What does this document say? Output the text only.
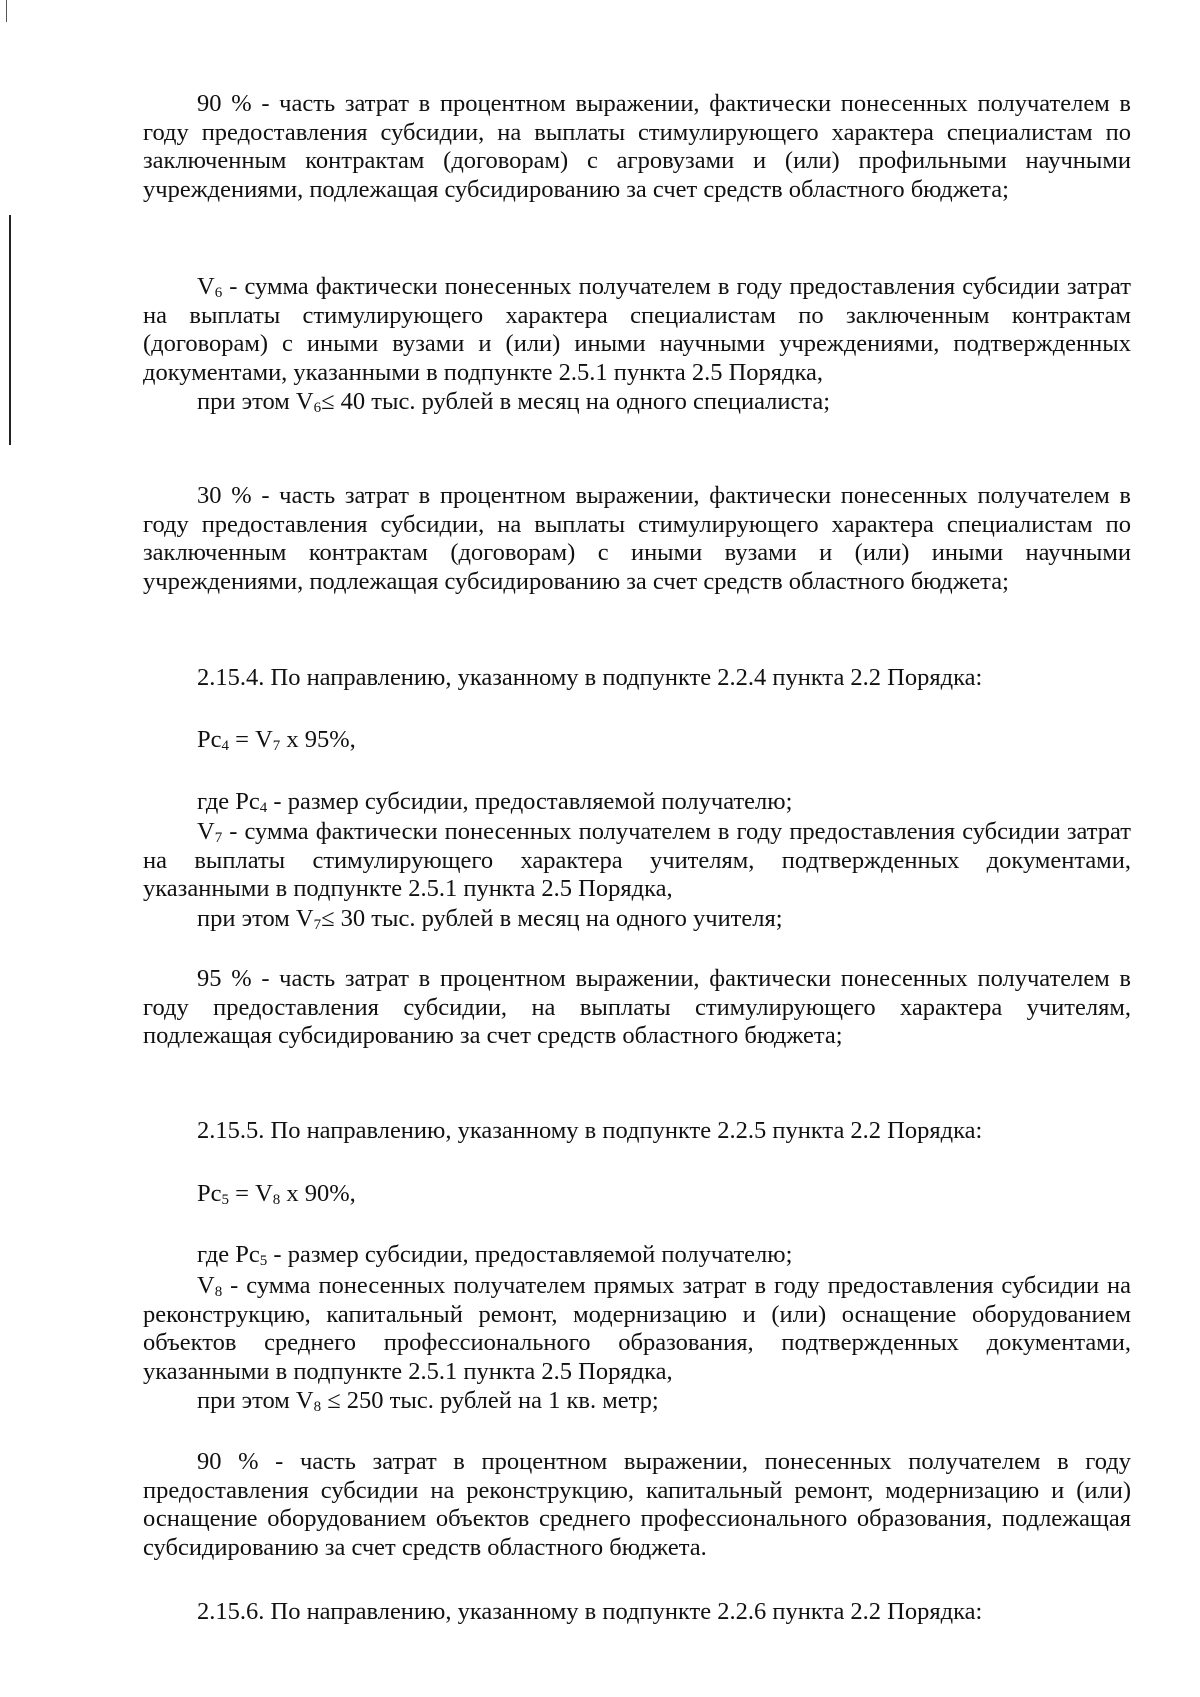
90 % - часть затрат в процентном выражении, фактически понесенных получателем в году предоставления субсидии, на выплаты стимулирующего характера специалистам по заключенным контрактам (договорам) с агровузами и (или) профильными научными учреждениями, подлежащая субсидированию за счет средств областного бюджета;

$V_6$ - сумма фактически понесенных получателем в году предоставления субсидии затрат на выплаты стимулирующего характера специалистам по заключенным контрактам (договорам) с иными вузами и (или) иными научными учреждениями, подтвержденных документами, указанными в подпункте 2.5.1 пункта 2.5 Порядка,

при этом $V_6\le 40$ тыс. рублей в месяц на одного специалиста;

30 % - часть затрат в процентном выражении, фактически понесенных получателем в году предоставления субсидии, на выплаты стимулирующего характера специалистам по заключенным контрактам (договорам) с иными вузами и (или) иными научными учреждениями, подлежащая субсидированию за счет средств областного бюджета;

2.15.4. По направлению, указанному в подпункте 2.2.4 пункта 2.2 Порядка:

$Рс_4 = V_7$ x 95%,

где $Рс_4$ - размер субсидии, предоставляемой получателю;

$V_7$ - сумма фактически понесенных получателем в году предоставления субсидии затрат на выплаты стимулирующего характера учителям, подтвержденных документами, указанными в подпункте 2.5.1 пункта 2.5 Порядка,

при этом $V_7\le 30$ тыс. рублей в месяц на одного учителя;

95 % - часть затрат в процентном выражении, фактически понесенных получателем в году предоставления субсидии, на выплаты стимулирующего характера учителям, подлежащая субсидированию за счет средств областного бюджета;

2.15.5. По направлению, указанному в подпункте 2.2.5 пункта 2.2 Порядка:

$Рс_5 = V_8$ x 90%,

где $Рс_5$ - размер субсидии, предоставляемой получателю;

$V_8$ - сумма понесенных получателем прямых затрат в году предоставления субсидии на реконструкцию, капитальный ремонт, модернизацию и (или) оснащение оборудованием объектов среднего профессионального образования, подтвержденных документами, указанными в подпункте 2.5.1 пункта 2.5 Порядка,

при этом $V_8 \le 250$ тыс. рублей на 1 кв. метр;

90 % - часть затрат в процентном выражении, понесенных получателем в году предоставления субсидии на реконструкцию, капитальный ремонт, модернизацию и (или) оснащение оборудованием объектов среднего профессионального образования, подлежащая субсидированию за счет средств областного бюджета.

2.15.6. По направлению, указанному в подпункте 2.2.6 пункта 2.2 Порядка:
